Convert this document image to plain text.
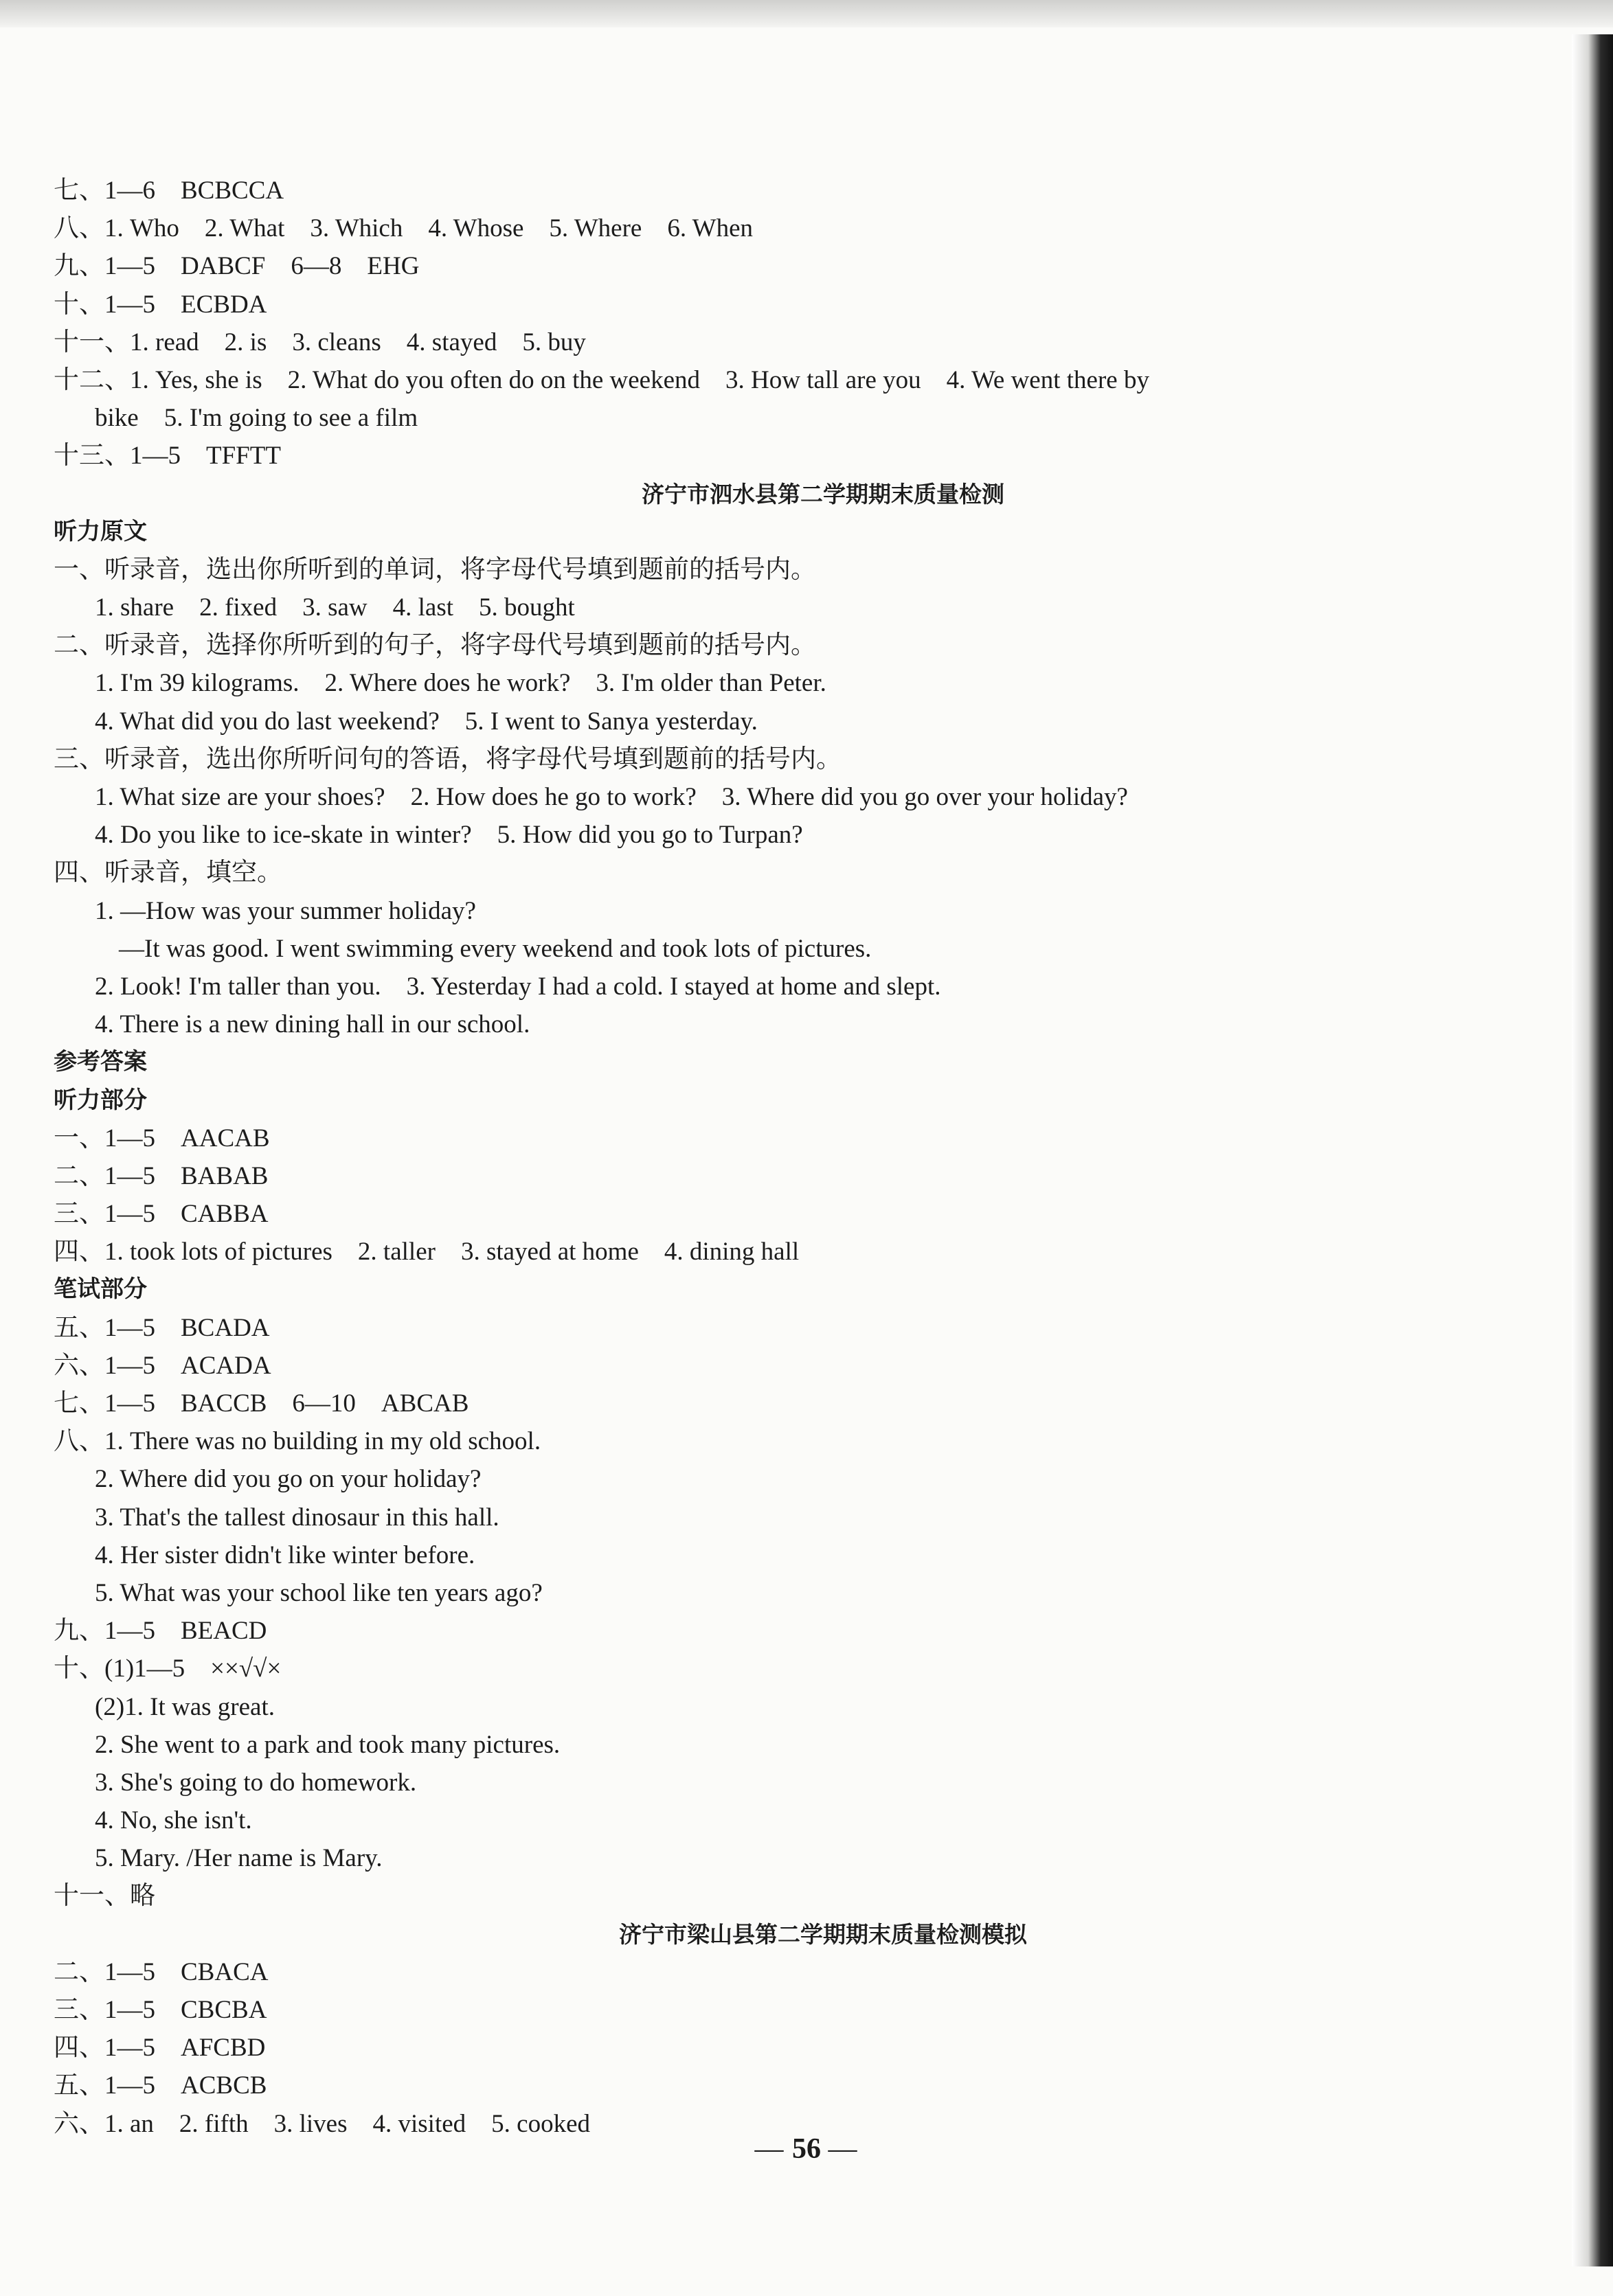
七、1—6　BCBCCA
八、1. Who　2. What　3. Which　4. Whose　5. Where　6. When
九、1—5　DABCF　6—8　EHG
十、1—5　ECBDA
十一、1. read　2. is　3. cleans　4. stayed　5. buy
十二、1. Yes, she is　2. What do you often do on the weekend　3. How tall are you　4. We went there by
bike　5. I'm going to see a film
十三、1—5　TFFTT
济宁市泗水县第二学期期末质量检测
听力原文
一、听录音，选出你所听到的单词，将字母代号填到题前的括号内。
1. share　2. fixed　3. saw　4. last　5. bought
二、听录音，选择你所听到的句子，将字母代号填到题前的括号内。
1. I'm 39 kilograms.　2. Where does he work?　3. I'm older than Peter.
4. What did you do last weekend?　5. I went to Sanya yesterday.
三、听录音，选出你所听问句的答语，将字母代号填到题前的括号内。
1. What size are your shoes?　2. How does he go to work?　3. Where did you go over your holiday?
4. Do you like to ice-skate in winter?　5. How did you go to Turpan?
四、听录音，填空。
1. —How was your summer holiday?
—It was good. I went swimming every weekend and took lots of pictures.
2. Look! I'm taller than you.　3. Yesterday I had a cold. I stayed at home and slept.
4. There is a new dining hall in our school.
参考答案
听力部分
一、1—5　AACAB
二、1—5　BABAB
三、1—5　CABBA
四、1. took lots of pictures　2. taller　3. stayed at home　4. dining hall
笔试部分
五、1—5　BCADA
六、1—5　ACADA
七、1—5　BACCB　6—10　ABCAB
八、1. There was no building in my old school.
2. Where did you go on your holiday?
3. That's the tallest dinosaur in this hall.
4. Her sister didn't like winter before.
5. What was your school like ten years ago?
九、1—5　BEACD
十、(1)1—5　××√√×
(2)1. It was great.
2. She went to a park and took many pictures.
3. She's going to do homework.
4. No, she isn't.
5. Mary. /Her name is Mary.
十一、略
济宁市梁山县第二学期期末质量检测模拟
二、1—5　CBACA
三、1—5　CBCBA
四、1—5　AFCBD
五、1—5　ACBCB
六、1. an　2. fifth　3. lives　4. visited　5. cooked
— 56 —
